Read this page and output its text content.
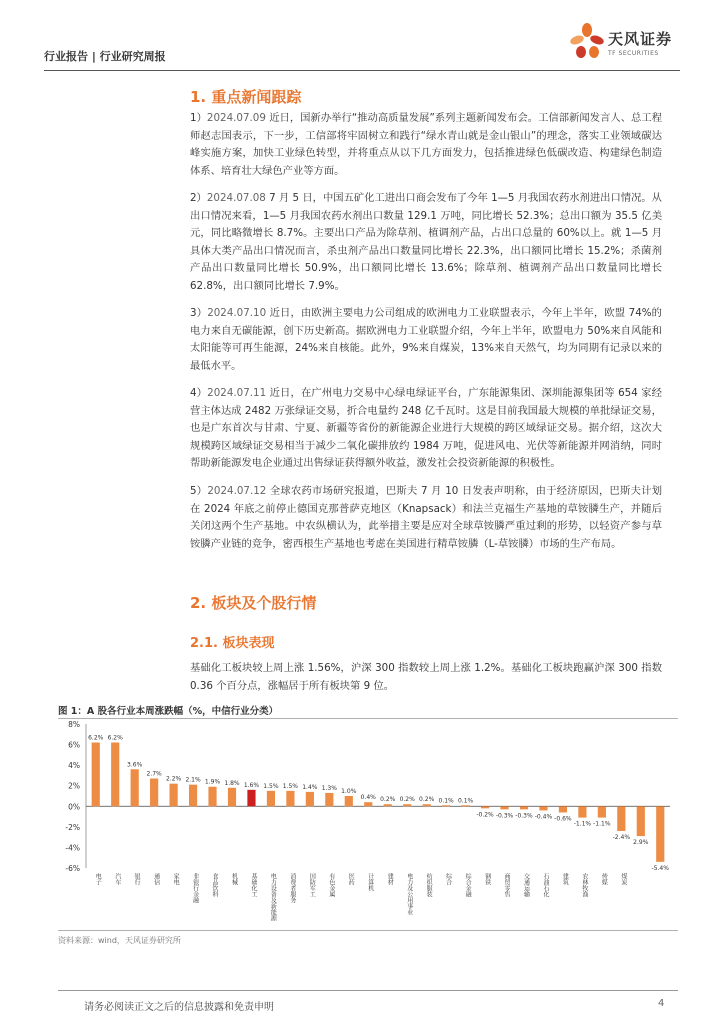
行业报告 | 行业研究周报
天风证券
TF SECURITIES
1. 重点新闻跟踪
1）2024.07.09 近日，国新办举行“推动高质量发展”系列主题新闻发布会。工信部新闻发言人、总工程师赵志国表示，下一步，工信部将牢固树立和践行“绿水青山就是金山银山”的理念，落实工业领域碳达峰实施方案，加快工业绿色转型，并将重点从以下几方面发力，包括推进绿色低碳改造、构建绿色制造体系、培育壮大绿色产业等方面。
2）2024.07.08 7 月 5 日，中国五矿化工进出口商会发布了今年 1—5 月我国农药水剂进出口情况。从出口情况来看，1—5 月我国农药水剂出口数量 129.1 万吨，同比增长 52.3%；总出口额为 35.5 亿美元，同比略微增长 8.7%。主要出口产品为除草剂、植调剂产品，占出口总量的 60%以上。就 1—5 月具体大类产品出口情况而言，杀虫剂产品出口数量同比增长 22.3%，出口额同比增长 15.2%；杀菌剂产品出口数量同比增长 50.9%，出口额同比增长 13.6%；除草剂、植调剂产品出口数量同比增长 62.8%，出口额同比增长 7.9%。
3）2024.07.10 近日，由欧洲主要电力公司组成的欧洲电力工业联盟表示，今年上半年，欧盟 74%的电力来自无碳能源，创下历史新高。据欧洲电力工业联盟介绍，今年上半年，欧盟电力 50%来自风能和太阳能等可再生能源，24%来自核能。此外，9%来自煤炭，13%来自天然气，均为同期有记录以来的最低水平。
4）2024.07.11 近日，在广州电力交易中心绿电绿证平台，广东能源集团、深圳能源集团等 654 家经营主体达成 2482 万张绿证交易，折合电量约 248 亿千瓦时。这是目前我国最大规模的单批绿证交易，也是广东首次与甘肃、宁夏、新疆等省份的新能源企业进行大规模的跨区域绿证交易。据介绍，这次大规模跨区域绿证交易相当于减少二氧化碳排放约 1984 万吨，促进风电、光伏等新能源并网消纳，同时帮助新能源发电企业通过出售绿证获得额外收益，激发社会投资新能源的积极性。
5）2024.07.12 全球农药市场研究报道，巴斯夫 7 月 10 日发表声明称，由于经济原因，巴斯夫计划在 2024 年底之前停止德国克那普萨克地区（Knapsack）和法兰克福生产基地的草铵膦生产，并随后关闭这两个生产基地。中农纵横认为，此举措主要是应对全球草铵膦严重过剩的形势，以轻资产参与草铵膦产业链的竞争，密西根生产基地也考虑在美国进行精草铵膦（L-草铵膦）市场的生产布局。
2. 板块及个股行情
2.1. 板块表现
基础化工板块较上周上涨 1.56%，沪深 300 指数较上周上涨 1.2%。基础化工板块跑赢沪深 300 指数 0.36 个百分点，涨幅居于所有板块第 9 位。
图 1：A 股各行业本周涨跌幅（%，中信行业分类）
8%
6%
4%
2%
0%
-2%
-4%
-6%
6.2% 6.2%
3.6%
2.7%
2.2% 2.1% 1.9% 1.8% 1.6% 1.5% 1.5% 1.4% 1.3% 1.0%
0.4% 0.2% 0.2% 0.2% 0.1% 0.1%
-0.2% -0.3% -0.3% -0.4% -0.6%
-1.1% -1.1%
-2.4%
2.9%
-5.4%
电子 汽车 银行 通信 家电 非银行金融 食品饮料 机械 基础化工 电力设备及新能源 消费者服务 国防军工 有色金属 医药 计算机 建材 电力及公用事业 纺织服装 综合 综合金融 钢铁 商贸零售 交通运输 石油石化 建筑 农林牧渔 传媒 煤炭
资料来源：wind，天风证券研究所
请务必阅读正文之后的信息披露和免责申明	4
